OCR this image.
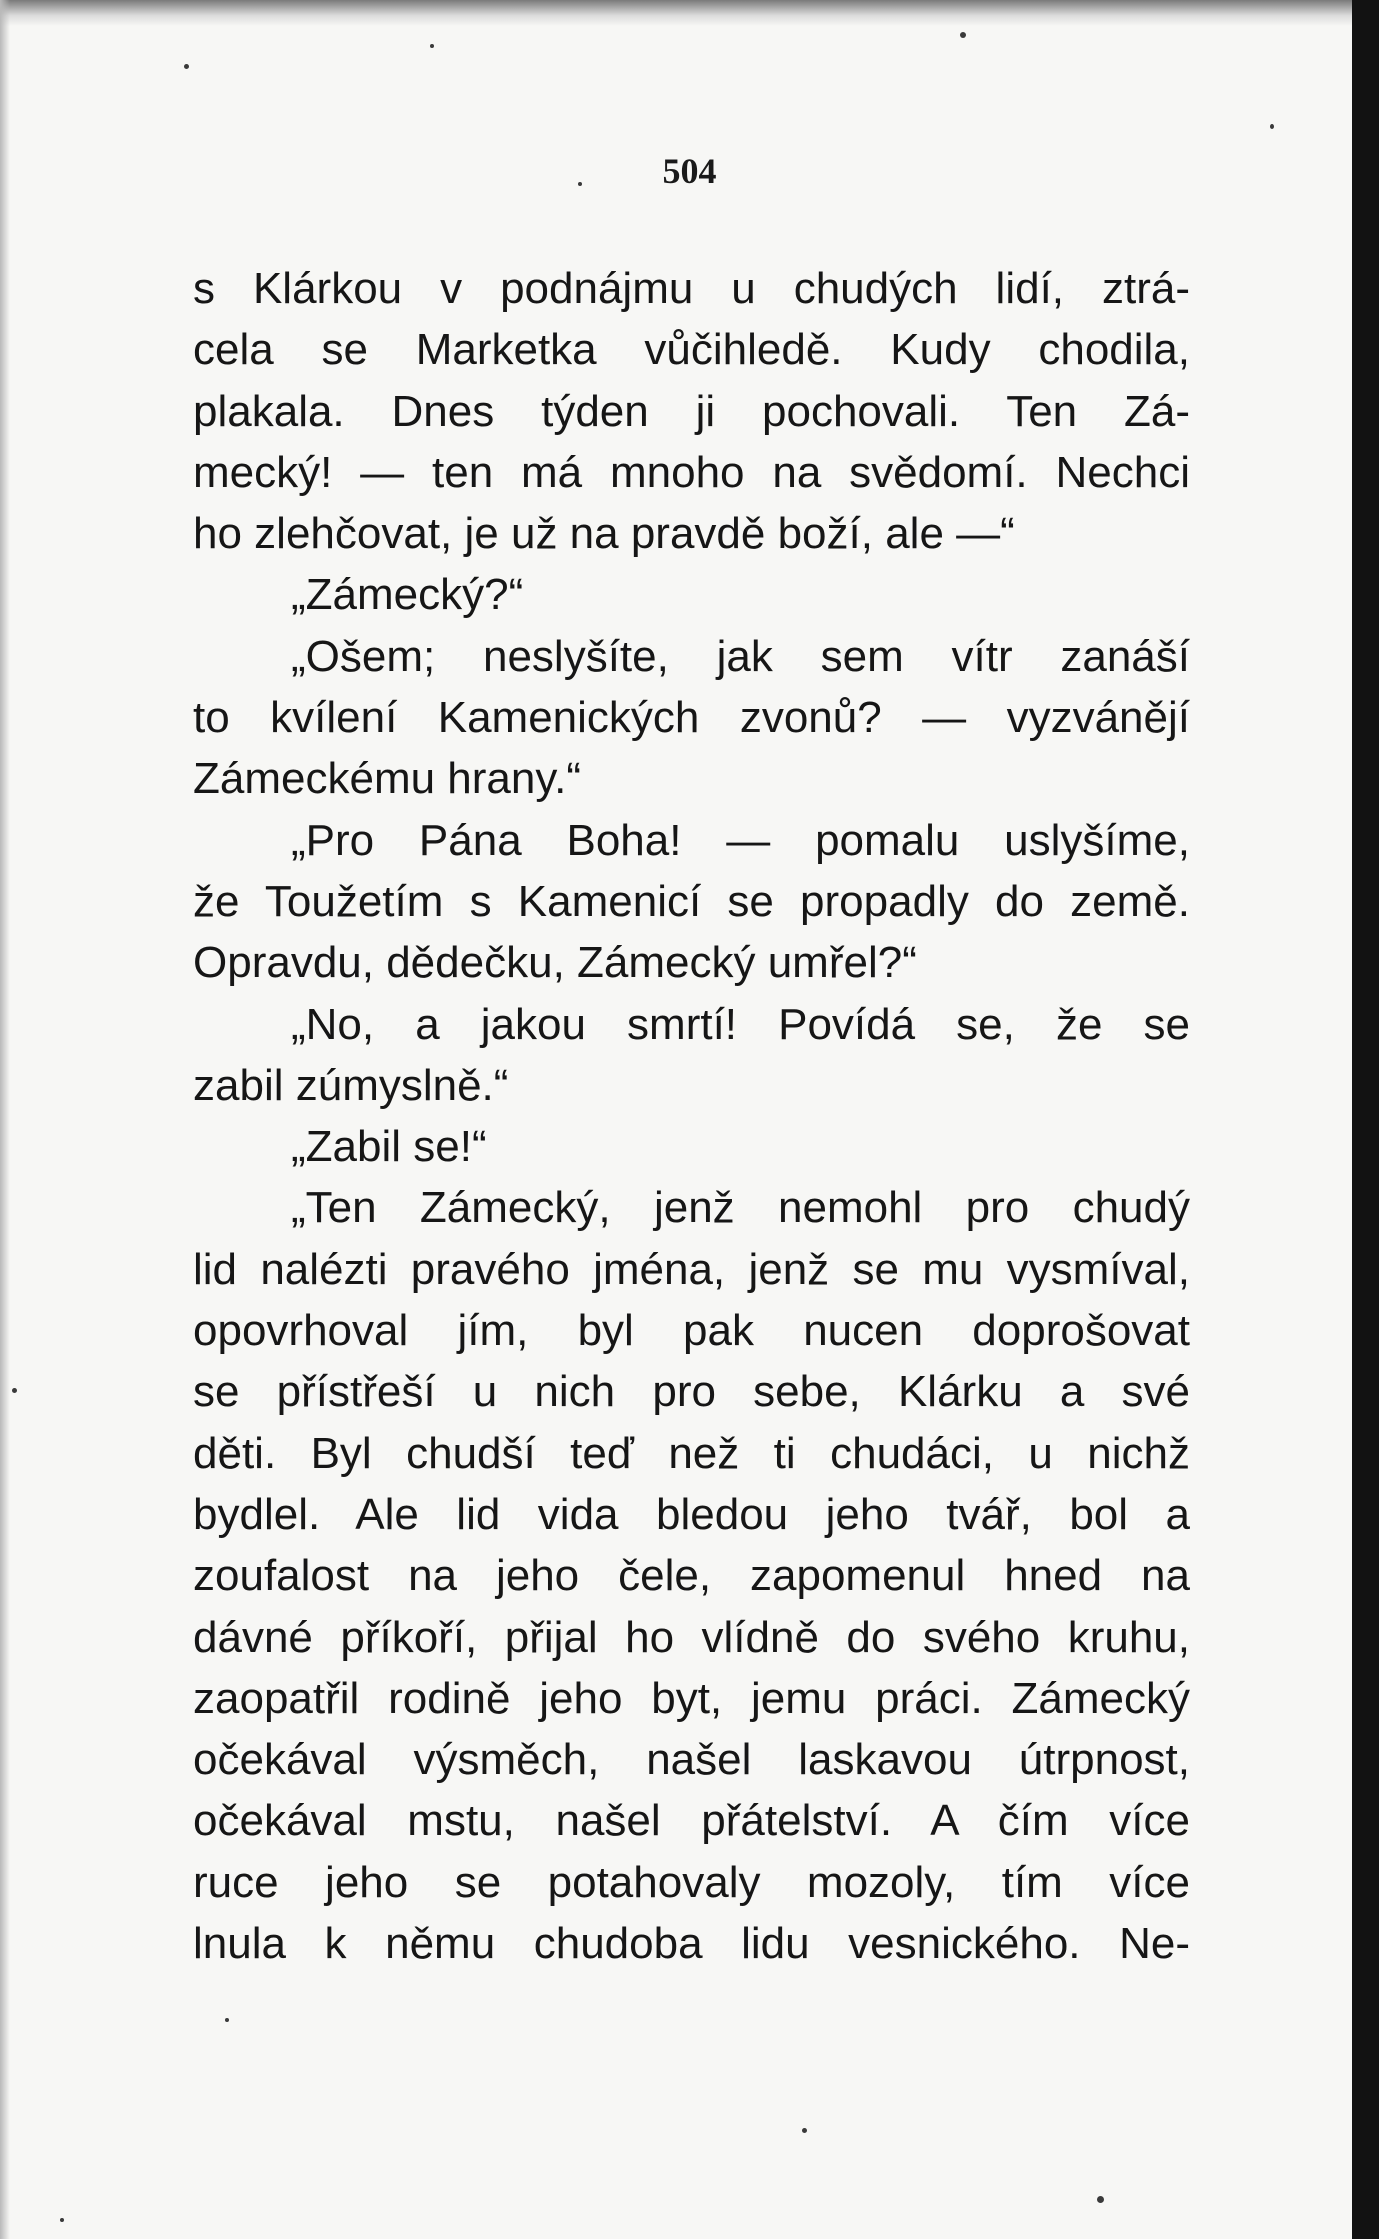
504
s Klárkou v podnájmu u chudých lidí, ztrá-
cela se Marketka vůčihledě. Kudy chodila,
plakala. Dnes týden ji pochovali. Ten Zá-
mecký! — ten má mnoho na svědomí. Nechci
ho zlehčovat, je už na pravdě boží, ale —“
„Zámecký?“
„Ošem; neslyšíte, jak sem vítr zanáší
to kvílení Kamenických zvonů? — vyzvánějí
Zámeckému hrany.“
„Pro Pána Boha! — pomalu uslyšíme,
že Toužetím s Kamenicí se propadly do země.
Opravdu, dědečku, Zámecký umřel?“
„No, a jakou smrtí! Povídá se, že se
zabil zúmyslně.“
„Zabil se!“
„Ten Zámecký, jenž nemohl pro chudý
lid nalézti pravého jména, jenž se mu vysmíval,
opovrhoval jím, byl pak nucen doprošovat
se přístřeší u nich pro sebe, Klárku a své
děti. Byl chudší teď než ti chudáci, u nichž
bydlel. Ale lid vida bledou jeho tvář, bol a
zoufalost na jeho čele, zapomenul hned na
dávné příkoří, přijal ho vlídně do svého kruhu,
zaopatřil rodině jeho byt, jemu práci. Zámecký
očekával výsměch, našel laskavou útrpnost,
očekával mstu, našel přátelství. A čím více
ruce jeho se potahovaly mozoly, tím více
lnula k němu chudoba lidu vesnického. Ne-
